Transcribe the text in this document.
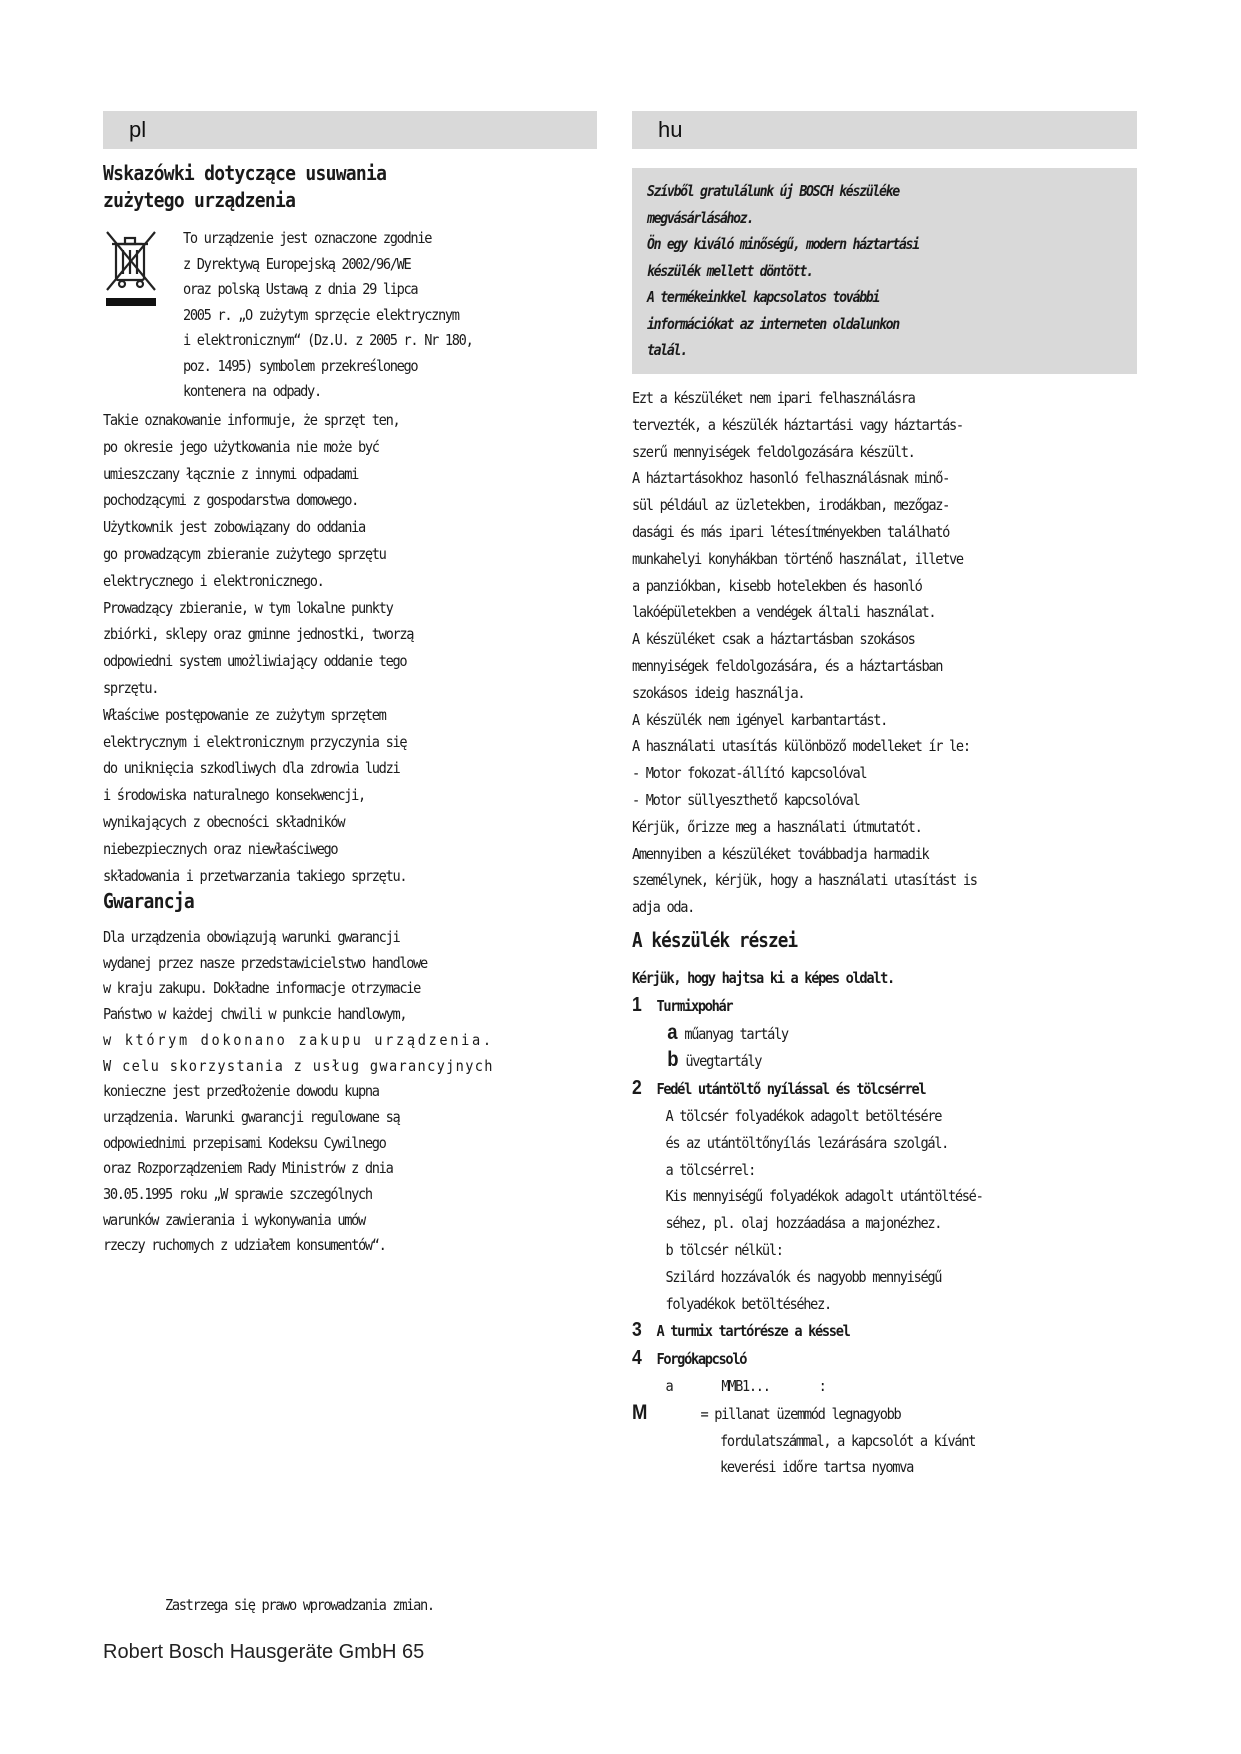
pl	hu
Wskazówki dotyczące usuwania
zużytego urządzenia
To urządzenie jest oznaczone zgodnie
z Dyrektywą Europejską 2002/96/WE
oraz polską Ustawą z dnia 29 lipca
2005 r. „O zużytym sprzęcie elektrycznym
i elektronicznym“ (Dz.U. z 2005 r. Nr 180,
poz. 1495) symbolem przekreślonego
kontenera na odpady.
Takie oznakowanie informuje, że sprzęt ten,
po okresie jego użytkowania nie może być
umieszczany łącznie z innymi odpadami
pochodzącymi z gospodarstwa domowego.
Użytkownik jest zobowiązany do oddania
go prowadzącym zbieranie zużytego sprzętu
elektrycznego i elektronicznego.
Prowadzący zbieranie, w tym lokalne punkty
zbiórki, sklepy oraz gminne jednostki, tworzą
odpowiedni system umożliwiający oddanie tego
sprzętu.
Właściwe postępowanie ze zużytym sprzętem
elektrycznym i elektronicznym przyczynia się
do uniknięcia szkodliwych dla zdrowia ludzi
i środowiska naturalnego konsekwencji,
wynikających z obecności składników
niebezpiecznych oraz niewłaściwego
składowania i przetwarzania takiego sprzętu.
Gwarancja
Dla urządzenia obowiązują warunki gwarancji
wydanej przez nasze przedstawicielstwo handlowe
w kraju zakupu. Dokładne informacje otrzymacie
Państwo w każdej chwili w punkcie handlowym,
w którym dokonano zakupu urządzenia.
W celu skorzystania z usług gwarancyjnych
konieczne jest przedłożenie dowodu kupna
urządzenia. Warunki gwarancji regulowane są
odpowiednimi przepisami Kodeksu Cywilnego
oraz Rozporządzeniem Rady Ministrów z dnia
30.05.1995 roku „W sprawie szczególnych
warunków zawierania i wykonywania umów
rzeczy ruchomych z udziałem konsumentów“.
Zastrzega się prawo wprowadzania zmian.
Szívből gratulálunk új BOSCH készüléke
megvásárlásához.
Ön egy kiváló minőségű, modern háztartási
készülék mellett döntött.
A termékeinkkel kapcsolatos további
információkat az interneten oldalunkon
talál.
Ezt a készüléket nem ipari felhasználásra
tervezték, a készülék háztartási vagy háztartás-
szerű mennyiségek feldolgozására készült.
A háztartásokhoz hasonló felhasználásnak minő-
sül például az üzletekben, irodákban, mezőgaz-
dasági és más ipari létesítményekben található
munkahelyi konyhákban történő használat, illetve
a panziókban, kisebb hotelekben és hasonló
lakóépületekben a vendégek általi használat.
A készüléket csak a háztartásban szokásos
mennyiségek feldolgozására, és a háztartásban
szokásos ideig használja.
A készülék nem igényel karbantartást.
A használati utasítás különböző modelleket ír le:
- Motor fokozat-állító kapcsolóval
- Motor süllyeszthető kapcsolóval
Kérjük, őrizze meg a használati útmutatót.
Amennyiben a készüléket továbbadja harmadik
személynek, kérjük, hogy a használati utasítást is
adja oda.
A készülék részei
Kérjük, hogy hajtsa ki a képes oldalt.
1 Turmixpohár
a műanyag tartály
b üvegtartály
2 Fedél utántöltő nyílással és tölcsérrel
A tölcsér folyadékok adagolt betöltésére
és az utántöltőnyílás lezárására szolgál.
a tölcsérrel:
Kis mennyiségű folyadékok adagolt utántöltésé-
séhez, pl. olaj hozzáadása a majonézhez.
b tölcsér nélkül:
Szilárd hozzávalók és nagyobb mennyiségű
folyadékok betöltéséhez.
3 A turmix tartórésze a késsel
4 Forgókapcsoló
a	MMB1...	:
M	= pillanat üzemmód legnagyobb
fordulatszámmal, a kapcsolót a kívánt
keverési időre tartsa nyomva
Robert Bosch Hausgeräte GmbH 65
